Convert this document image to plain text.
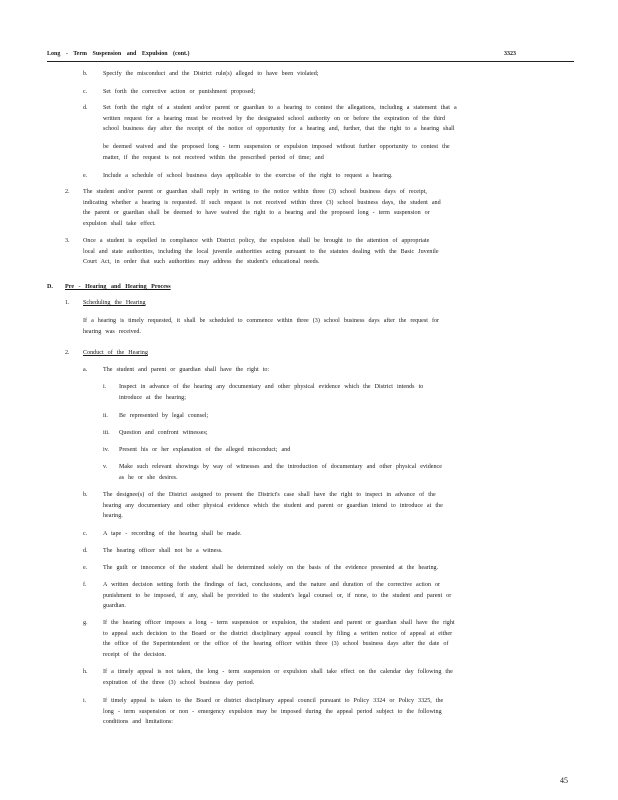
Long - Term Suspension and Expulsion (cont.)	3323
b.	Specify the misconduct and the District rule(s) alleged to have been violated;
c.	Set forth the corrective action or punishment proposed;
d.	Set forth the right of a student and/or parent or guardian to a hearing to contest the allegations, including a statement that a
written request for a hearing must be received by the designated school authority on or before the expiration of the third
school business day after the receipt of the notice of opportunity for a hearing and, further, that the right to a hearing shall
be deemed waived and the proposed long - term suspension or expulsion imposed without further opportunity to contest the
matter, if the request is not received within the prescribed period of time; and
e.	Include a schedule of school business days applicable to the exercise of the right to request a hearing.
2. The student and/or parent or guardian shall reply in writing to the notice within three (3) school business days of receipt,
indicating whether a hearing is requested. If such request is not received within three (3) school business days, the student and
the parent or guardian shall be deemed to have waived the right to a hearing and the proposed long - term suspension or
expulsion shall take effect.
3. Once a student is expelled in compliance with District policy, the expulsion shall be brought to the attention of appropriate
local and state authorities, including the local juvenile authorities acting pursuant to the statutes dealing with the Basic Juvenile
Court Act, in order that such authorities may address the student's educational needs.
D. Pre - Hearing and Hearing Process
1. Scheduling the Hearing
If a hearing is timely requested, it shall be scheduled to commence within three (3) school business days after the request for
hearing was received.
2. Conduct of the Hearing
a.	The student and parent or guardian shall have the right to:
i. Inspect in advance of the hearing any documentary and other physical evidence which the District intends to
introduce at the hearing;
ii. Be represented by legal counsel;
iii. Question and confront witnesses;
iv. Present his or her explanation of the alleged misconduct; and
v. Make such relevant showings by way of witnesses and the introduction of documentary and other physical evidence
as he or she desires.
b.	The designee(s) of the District assigned to present the District's case shall have the right to inspect in advance of the
hearing any documentary and other physical evidence which the student and parent or guardian intend to introduce at the
hearing.
c.	A tape - recording of the hearing shall be made.
d.	The hearing officer shall not be a witness.
e.	The guilt or innocence of the student shall be determined solely on the basis of the evidence presented at the hearing.
f.	A written decision setting forth the findings of fact, conclusions, and the nature and duration of the corrective action or
punishment to be imposed, if any, shall be provided to the student's legal counsel or, if none, to the student and parent or
guardian.
g.	If the hearing officer imposes a long - term suspension or expulsion, the student and parent or guardian shall have the right
to appeal such decision to the Board or the district disciplinary appeal council by filing a written notice of appeal at either
the office of the Superintendent or the office of the hearing officer within three (3) school business days after the date of
receipt of the decision.
h.	If a timely appeal is not taken, the long - term suspension or expulsion shall take effect on the calendar day following the
expiration of the three (3) school business day period.
i.	If timely appeal is taken to the Board or district disciplinary appeal council pursuant to Policy 3324 or Policy 3325, the
long - term suspension or non - emergency expulsion may be imposed during the appeal period subject to the following
conditions and limitations:
45
